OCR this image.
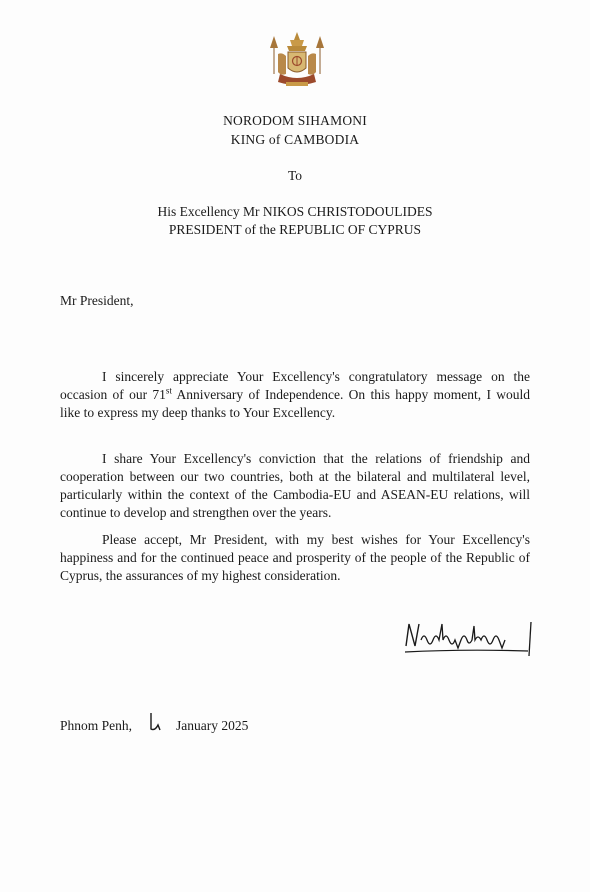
NORODOM SIHAMONI
KING of CAMBODIA
To
His Excellency Mr NIKOS CHRISTODOULIDES
PRESIDENT of the REPUBLIC OF CYPRUS
Mr President,

I sincerely appreciate Your Excellency's congratulatory message on the occasion of our 71st Anniversary of Independence. On this happy moment, I would like to express my deep thanks to Your Excellency.

I share Your Excellency's conviction that the relations of friendship and cooperation between our two countries, both at the bilateral and multilateral level, particularly within the context of the Cambodia-EU and ASEAN-EU relations, will continue to develop and strengthen over the years.

Please accept, Mr President, with my best wishes for Your Excellency's happiness and for the continued peace and prosperity of the people of the Republic of Cyprus, the assurances of my highest consideration.

Phnom Penh,	January 2025
